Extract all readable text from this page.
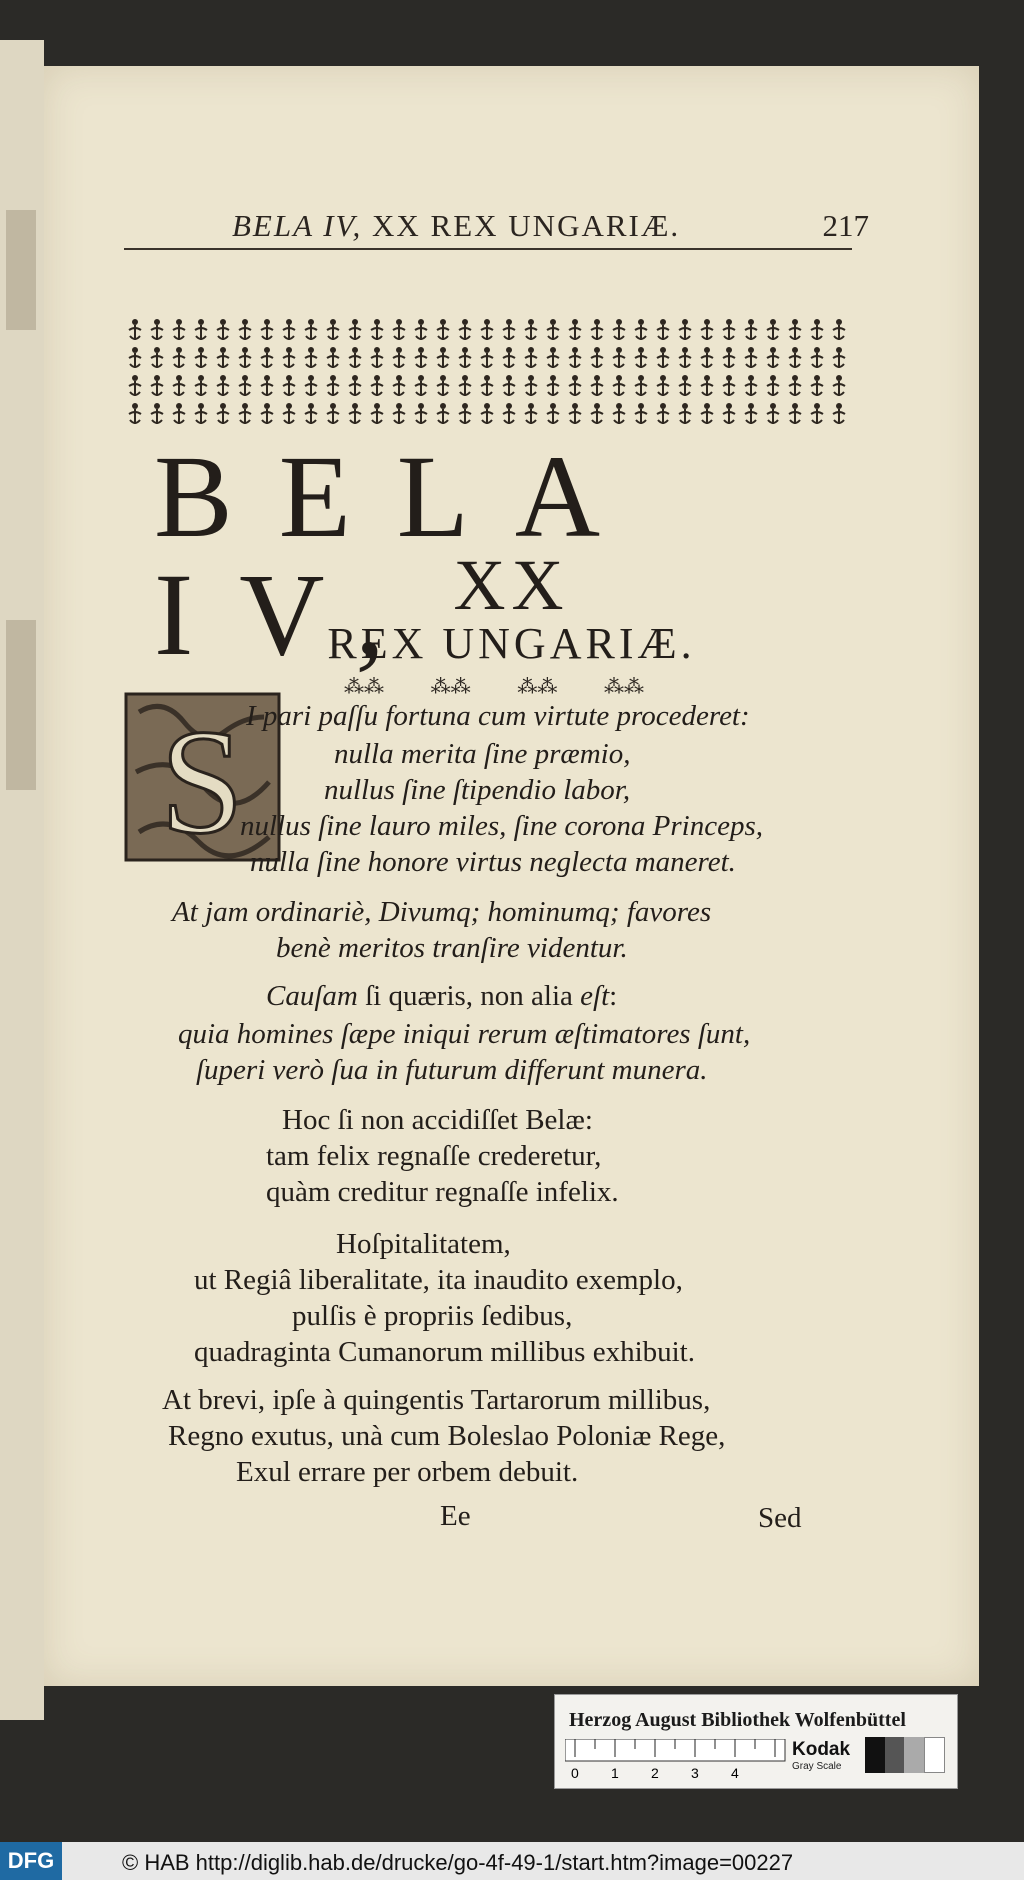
BELA IV, XX REX UNGARIÆ.	217
BELA IV, XX
REX UNGARIÆ.
⁂⁂ ⁂⁂ ⁂⁂ ⁂⁂
S I pari paſſu fortuna cum virtute procederet:
nulla merita ſine præmio,
nullus ſine ſtipendio labor,
nullus ſine lauro miles, ſine corona Princeps,
nulla ſine honore virtus neglecta maneret.
At jam ordinariè, Divumq; hominumq; favores
benè meritos tranſire videntur.
Cauſam ſi quæris, non alia eſt:
quia homines ſæpe iniqui rerum æſtimatores ſunt,
ſuperi verò ſua in futurum differunt munera.
Hoc ſi non accidiſſet Belæ:
tam felix regnaſſe crederetur,
quàm creditur regnaſſe infelix.
Hoſpitalitatem,
ut Regiâ liberalitate, ita inaudito exemplo,
pulſis è propriis ſedibus,
quadraginta Cumanorum millibus exhibuit.
At brevi, ipſe à quingentis Tartarorum millibus,
Regno exutus, unà cum Boleslao Poloniæ Rege,
Exul errare per orbem debuit.
Ee	Sed
Herzog August Bibliothek Wolfenbüttel
0 1 2 3 4
Kodak
Gray Scale
DFG	© HAB http://diglib.hab.de/drucke/go-4f-49-1/start.htm?image=00227
